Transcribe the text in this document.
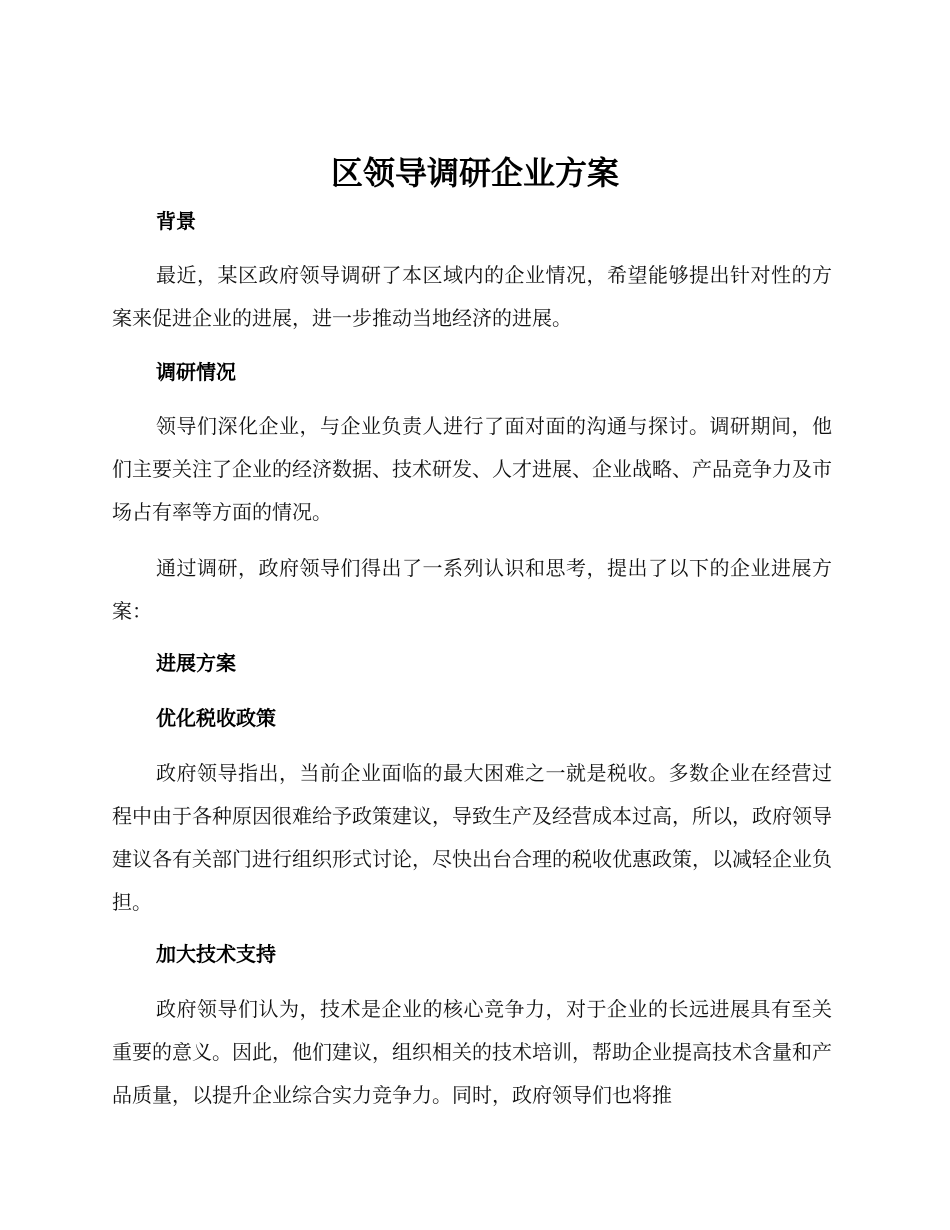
区领导调研企业方案
背景

最近，某区政府领导调研了本区域内的企业情况，希望能够提出针对性的方案来促进企业的进展，进一步推动当地经济的进展。

调研情况

领导们深化企业，与企业负责人进行了面对面的沟通与探讨。调研期间，他们主要关注了企业的经济数据、技术研发、人才进展、企业战略、产品竞争力及市场占有率等方面的情况。

通过调研，政府领导们得出了一系列认识和思考，提出了以下的企业进展方案：

进展方案
优化税收政策

政府领导指出，当前企业面临的最大困难之一就是税收。多数企业在经营过程中由于各种原因很难给予政策建议，导致生产及经营成本过高，所以，政府领导建议各有关部门进行组织形式讨论，尽快出台合理的税收优惠政策，以减轻企业负担。

加大技术支持

政府领导们认为，技术是企业的核心竞争力，对于企业的长远进展具有至关重要的意义。因此，他们建议，组织相关的技术培训，帮助企业提高技术含量和产品质量，以提升企业综合实力竞争力。同时，政府领导们也将推
